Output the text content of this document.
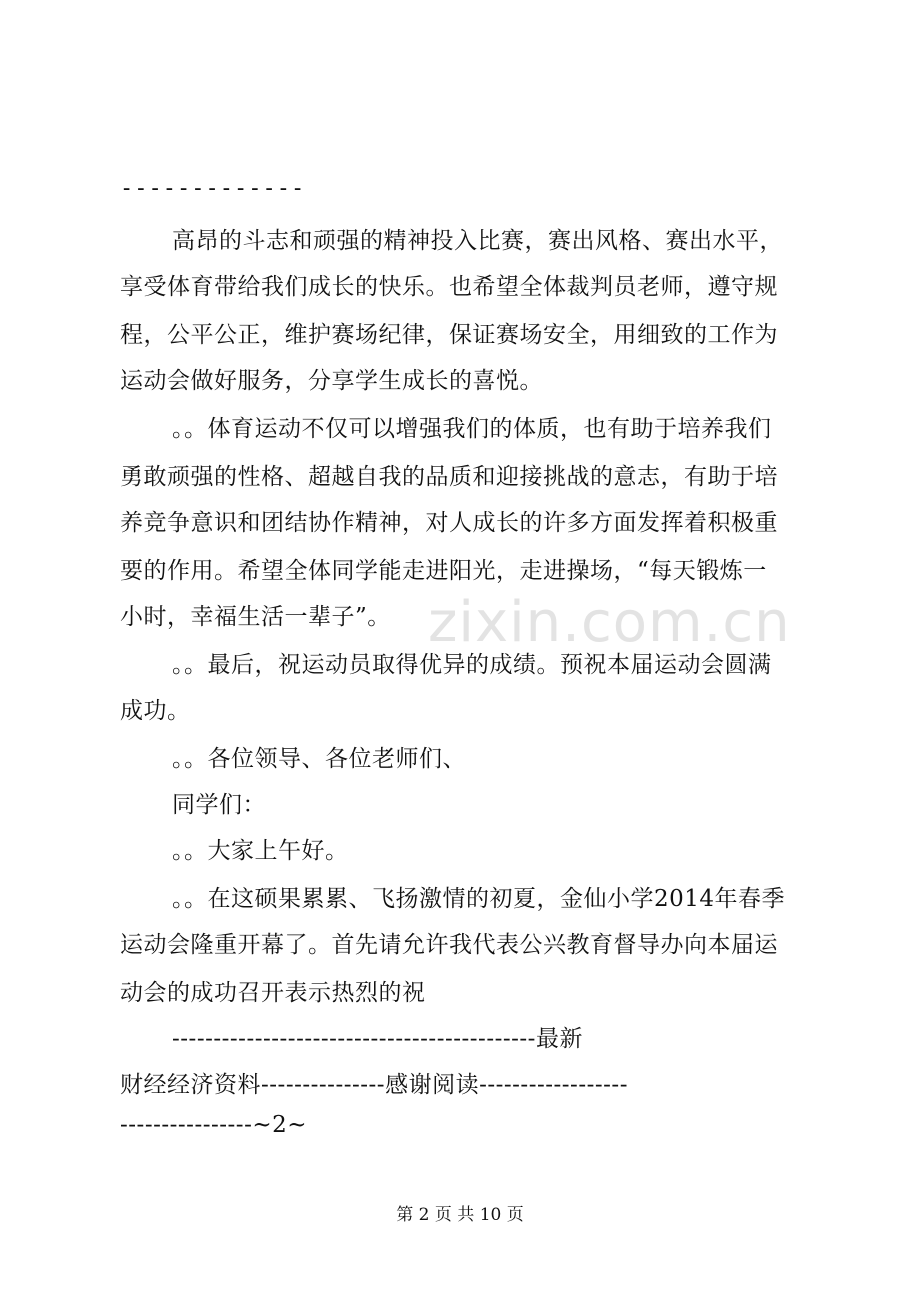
-------------
zixin.com.cn
高昂的斗志和顽强的精神投入比赛，赛出风格、赛出水平，
享受体育带给我们成长的快乐。也希望全体裁判员老师，遵守规
程，公平公正，维护赛场纪律，保证赛场安全，用细致的工作为
运动会做好服务，分享学生成长的喜悦。
。。体育运动不仅可以增强我们的体质，也有助于培养我们
勇敢顽强的性格、超越自我的品质和迎接挑战的意志，有助于培
养竞争意识和团结协作精神，对人成长的许多方面发挥着积极重
要的作用。希望全体同学能走进阳光，走进操场，“每天锻炼一
小时，幸福生活一辈子”。
。。最后，祝运动员取得优异的成绩。预祝本届运动会圆满
成功。
。。各位领导、各位老师们、
同学们：
。。大家上午好。
。。在这硕果累累、飞扬激情的初夏，金仙小学2014年春季
运动会隆重开幕了。首先请允许我代表公兴教育督导办向本届运
动会的成功召开表示热烈的祝
--------------------------------------------最新
财经经济资料---------------感谢阅读------------------
----------------~2~
第 2 页 共 10 页
